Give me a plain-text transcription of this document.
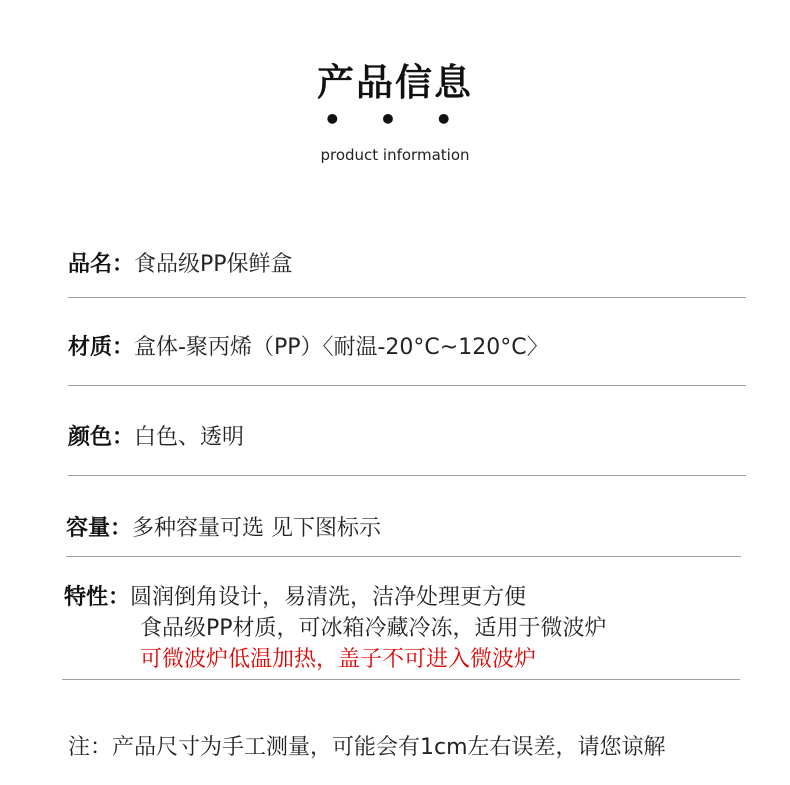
产品信息
• • •
product information
品名：食品级PP保鲜盒
材质：盒体-聚丙烯（PP）〈耐温-20°C~120°C〉
颜色：白色、透明
容量：多种容量可选 见下图标示
特性：圆润倒角设计，易清洗，洁净处理更方便
食品级PP材质，可冰箱冷藏冷冻，适用于微波炉
可微波炉低温加热，盖子不可进入微波炉
注：产品尺寸为手工测量，可能会有1cm左右误差，请您谅解
